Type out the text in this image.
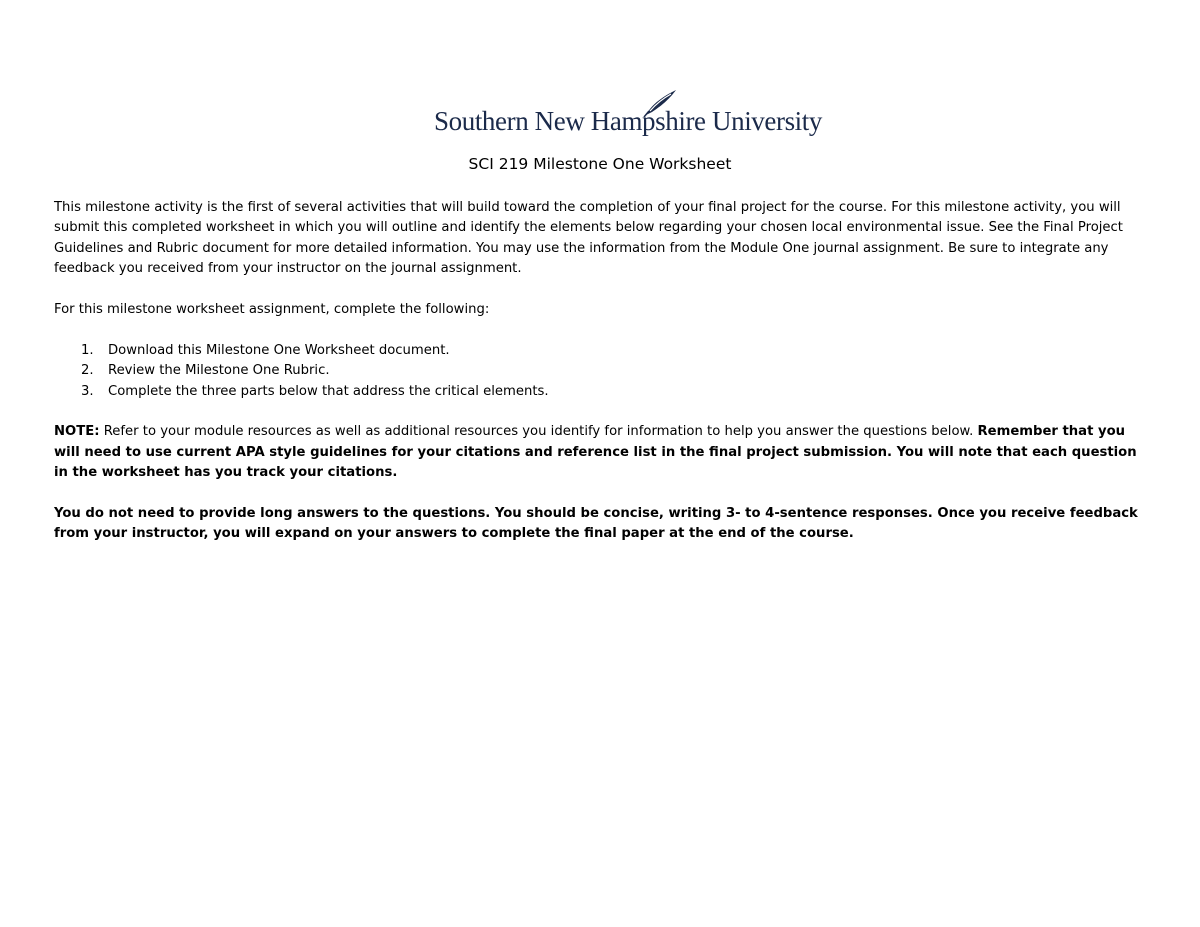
Southern New Hampshire University
SCI 219 Milestone One Worksheet

This milestone activity is the first of several activities that will build toward the completion of your final project for the course. For this milestone activity, you will submit this completed worksheet in which you will outline and identify the elements below regarding your chosen local environmental issue. See the Final Project Guidelines and Rubric document for more detailed information. You may use the information from the Module One journal assignment. Be sure to integrate any feedback you received from your instructor on the journal assignment.

For this milestone worksheet assignment, complete the following:

1. Download this Milestone One Worksheet document.
2. Review the Milestone One Rubric.
3. Complete the three parts below that address the critical elements.

NOTE: Refer to your module resources as well as additional resources you identify for information to help you answer the questions below. Remember that you will need to use current APA style guidelines for your citations and reference list in the final project submission. You will note that each question in the worksheet has you track your citations.

You do not need to provide long answers to the questions. You should be concise, writing 3- to 4-sentence responses. Once you receive feedback from your instructor, you will expand on your answers to complete the final paper at the end of the course.
